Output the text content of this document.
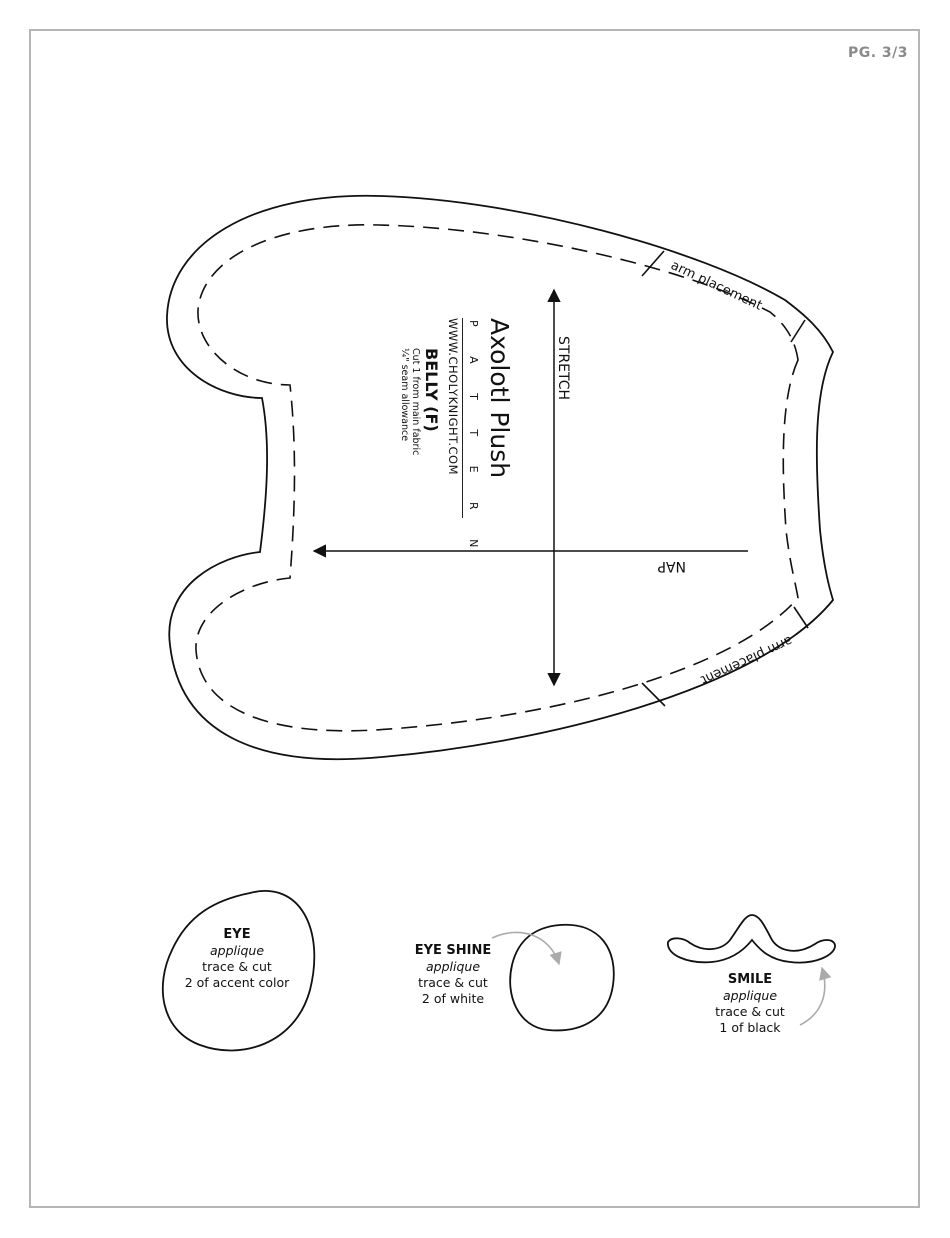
PG. 3/3
arm placement
arm placement
STRETCH
NAP
Axolotl Plush
P A T T E R N
WWW.CHOLYKNIGHT.COM
BELLY (F)
Cut 1 from main fabric
¼" seam allowance
EYE
applique
trace & cut
2 of accent color
EYE SHINE
applique
trace & cut
2 of white
SMILE
applique
trace & cut
1 of black
